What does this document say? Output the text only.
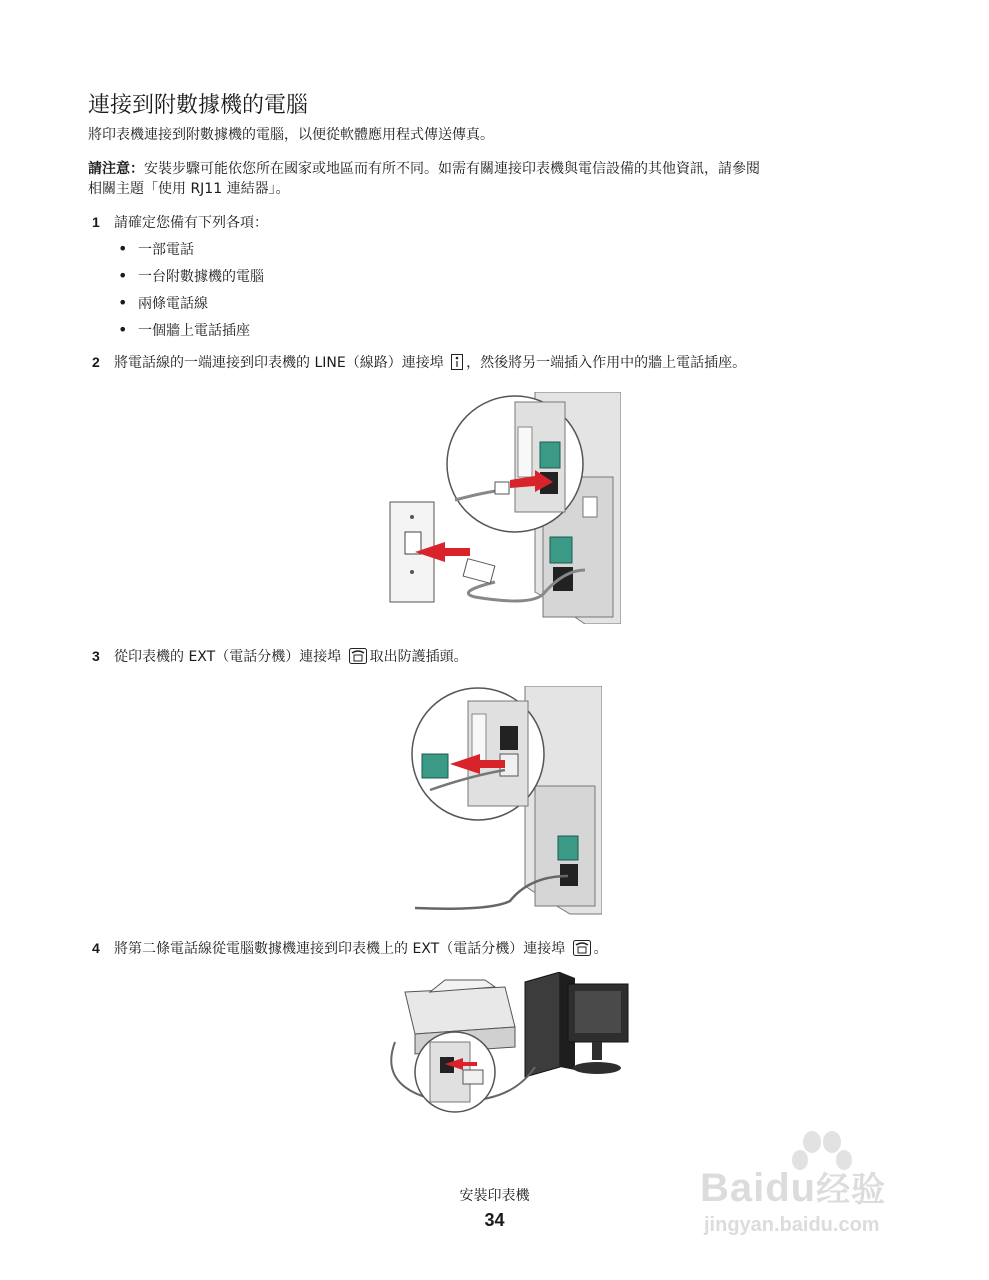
連接到附數據機的電腦

將印表機連接到附數據機的電腦，以便從軟體應用程式傳送傳真。

請注意：安裝步驟可能依您所在國家或地區而有所不同。如需有關連接印表機與電信設備的其他資訊，請參閱
相關主題「使用 RJ11 連結器」。
1 請確定您備有下列各項：
• 一部電話
• 一台附數據機的電腦
• 兩條電話線
• 一個牆上電話插座
2 將電話線的一端連接到印表機的 LINE（線路）連接埠 ，然後將另一端插入作用中的牆上電話插座。
3 從印表機的 EXT（電話分機）連接埠 取出防護插頭。
4 將第二條電話線從電腦數據機連接到印表機上的 EXT（電話分機）連接埠 。
安裝印表機
34
Baidu经验
jingyan.baidu.com
